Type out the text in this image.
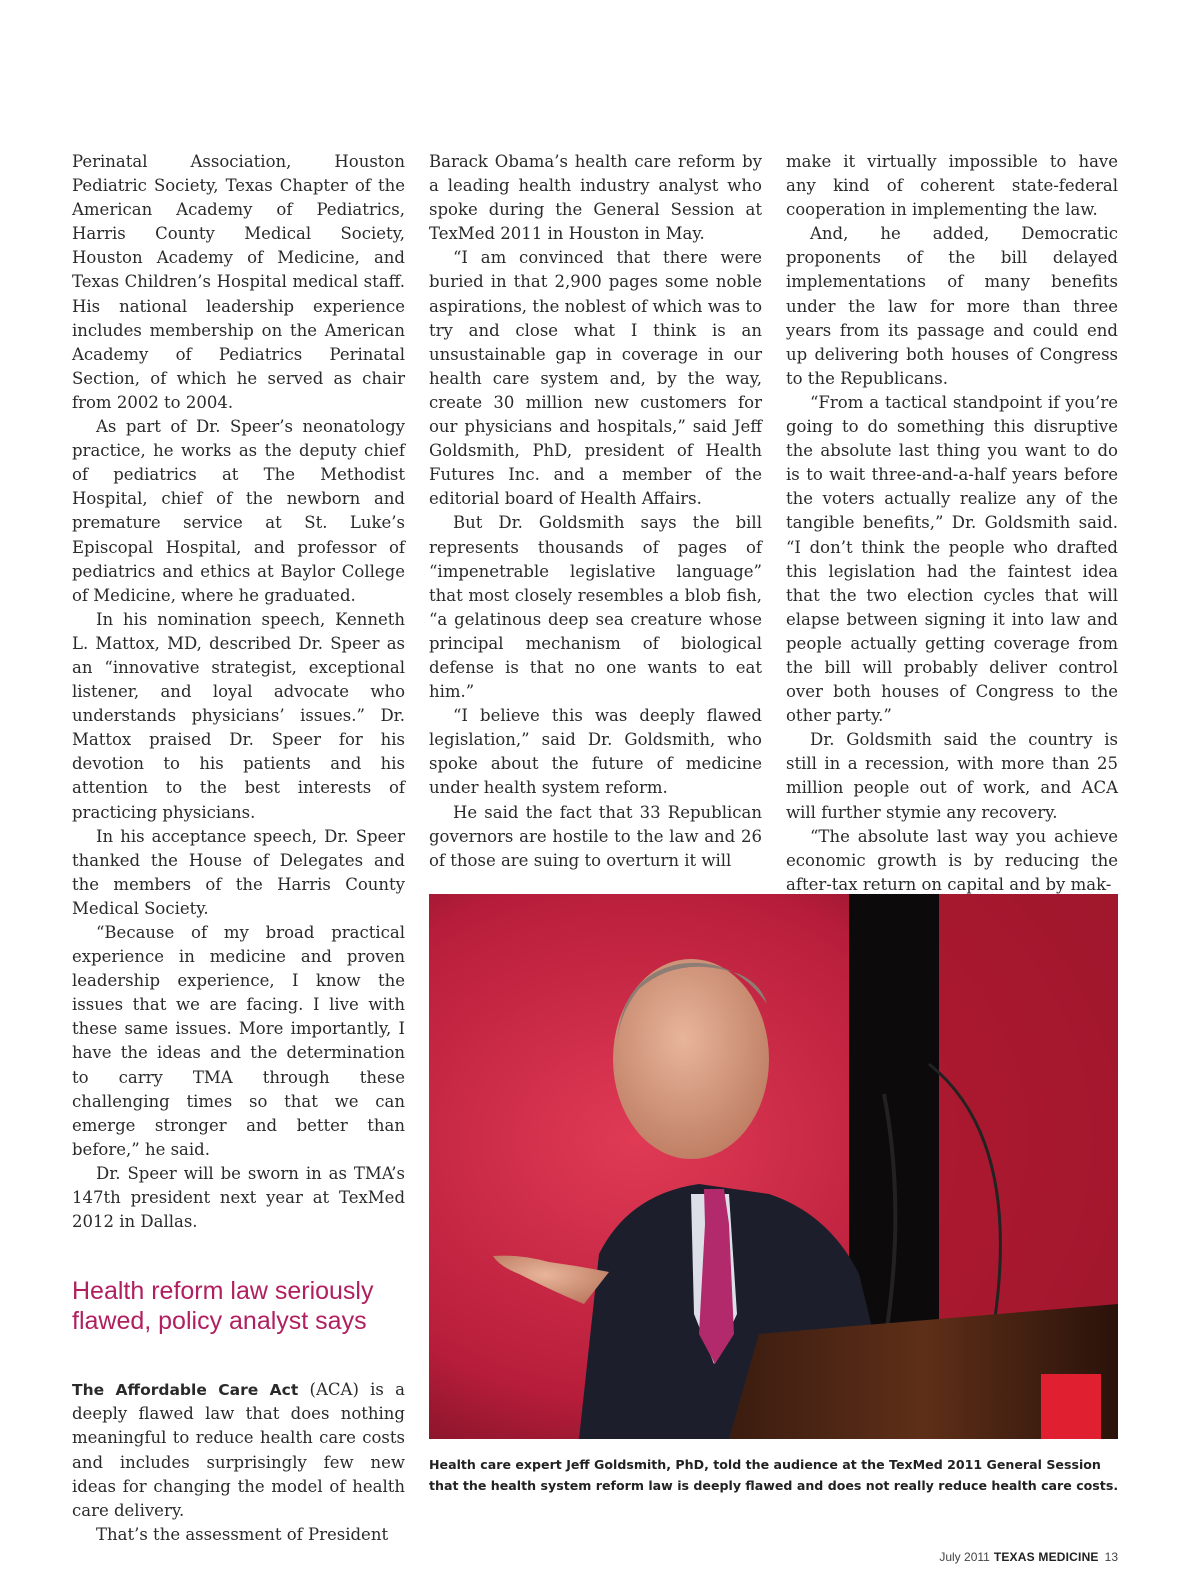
Perinatal Association, Houston Pediatric Society, Texas Chapter of the American Academy of Pediatrics, Harris County Medical Society, Houston Academy of Medicine, and Texas Children’s Hospital medical staff. His national leadership experience includes membership on the American Academy of Pediatrics Perinatal Section, of which he served as chair from 2002 to 2004.

As part of Dr. Speer’s neonatology practice, he works as the deputy chief of pediatrics at The Methodist Hospital, chief of the newborn and premature service at St. Luke’s Episcopal Hospital, and professor of pediatrics and ethics at Baylor College of Medicine, where he graduated.

In his nomination speech, Kenneth L. Mattox, MD, described Dr. Speer as an “innovative strategist, exceptional listener, and loyal advocate who understands physicians’ issues.” Dr. Mattox praised Dr. Speer for his devotion to his patients and his attention to the best interests of practicing physicians.

In his acceptance speech, Dr. Speer thanked the House of Delegates and the members of the Harris County Medical Society.

“Because of my broad practical experience in medicine and proven leadership experience, I know the issues that we are facing. I live with these same issues. More importantly, I have the ideas and the determination to carry TMA through these challenging times so that we can emerge stronger and better than before,” he said.

Dr. Speer will be sworn in as TMA’s 147th president next year at TexMed 2012 in Dallas.

Health reform law seriously flawed, policy analyst says

The Affordable Care Act (ACA) is a deeply flawed law that does nothing meaningful to reduce health care costs and includes surprisingly few new ideas for changing the model of health care delivery.

That’s the assessment of President

Barack Obama’s health care reform by a leading health industry analyst who spoke during the General Session at TexMed 2011 in Houston in May.

“I am convinced that there were buried in that 2,900 pages some noble aspirations, the noblest of which was to try and close what I think is an unsustainable gap in coverage in our health care system and, by the way, create 30 million new customers for our physicians and hospitals,” said Jeff Goldsmith, PhD, president of Health Futures Inc. and a member of the editorial board of Health Affairs.

But Dr. Goldsmith says the bill represents thousands of pages of “impenetrable legislative language” that most closely resembles a blob fish, “a gelatinous deep sea creature whose principal mechanism of biological defense is that no one wants to eat him.”

“I believe this was deeply flawed legislation,” said Dr. Goldsmith, who spoke about the future of medicine under health system reform.

He said the fact that 33 Republican governors are hostile to the law and 26 of those are suing to overturn it will

make it virtually impossible to have any kind of coherent state-federal cooperation in implementing the law.

And, he added, Democratic proponents of the bill delayed implementations of many benefits under the law for more than three years from its passage and could end up delivering both houses of Congress to the Republicans.

“From a tactical standpoint if you’re going to do something this disruptive the absolute last thing you want to do is to wait three-and-a-half years before the voters actually realize any of the tangible benefits,” Dr. Goldsmith said. “I don’t think the people who drafted this legislation had the faintest idea that the two election cycles that will elapse between signing it into law and people actually getting coverage from the bill will probably deliver control over both houses of Congress to the other party.”

Dr. Goldsmith said the country is still in a recession, with more than 25 million people out of work, and ACA will further stymie any recovery.

“The absolute last way you achieve economic growth is by reducing the after-tax return on capital and by mak-

Health care expert Jeff Goldsmith, PhD, told the audience at the TexMed 2011 General Session that the health system reform law is deeply flawed and does not really reduce health care costs.
July 2011 TEXAS MEDICINE 13
